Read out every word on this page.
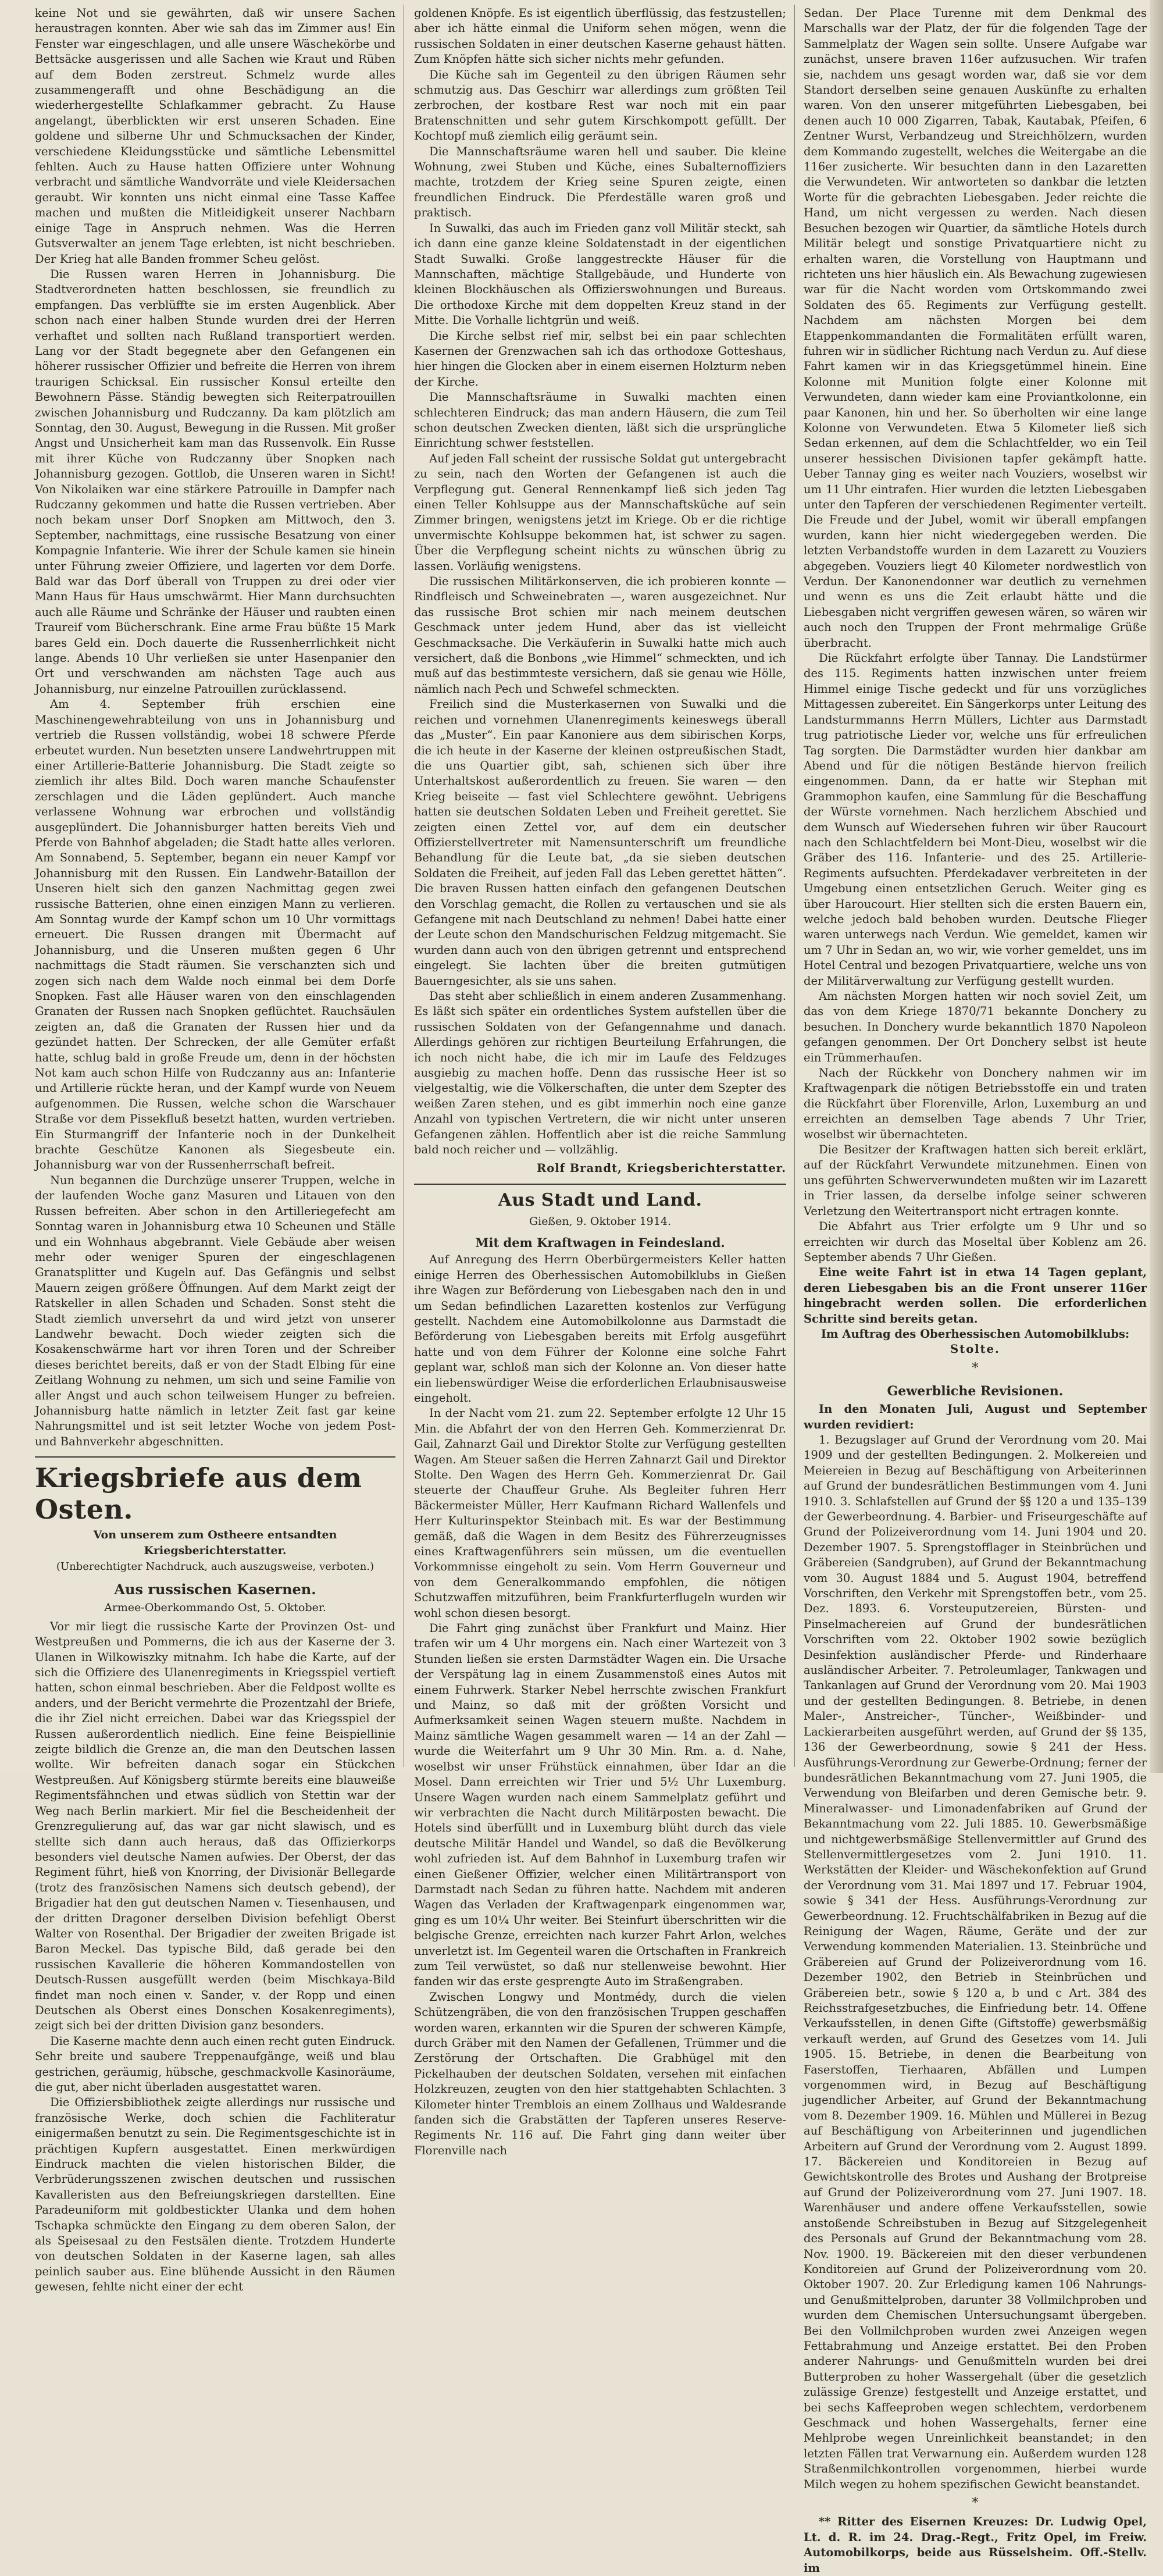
keine Not und sie gewährten, daß wir unsere Sachen heraustragen konnten. Aber wie sah das im Zimmer aus! Ein Fenster war eingeschlagen, und alle unsere Wäschekörbe und Bettsäcke ausgerissen und alle Sachen wie Kraut und Rüben auf dem Boden zerstreut. Schmelz wurde alles zusammengerafft und ohne Beschädigung an die wiederhergestellte Schlafkammer gebracht. Zu Hause angelangt, überblickten wir erst unseren Schaden. Eine goldene und silberne Uhr und Schmucksachen der Kinder, verschiedene Kleidungsstücke und sämtliche Lebensmittel fehlten. Auch zu Hause hatten Offiziere unter Wohnung verbracht und sämtliche Wandvorräte und viele Kleidersachen geraubt. Wir konnten uns nicht einmal eine Tasse Kaffee machen und mußten die Mitleidigkeit unserer Nachbarn einige Tage in Anspruch nehmen. Was die Herren Gutsverwalter an jenem Tage erlebten, ist nicht beschrieben. Der Krieg hat alle Banden frommer Scheu gelöst.

Die Russen waren Herren in Johannisburg. Die Stadtverordneten hatten beschlossen, sie freundlich zu empfangen. Das verblüffte sie im ersten Augenblick. Aber schon nach einer halben Stunde wurden drei der Herren verhaftet und sollten nach Rußland transportiert werden. Lang vor der Stadt begegnete aber den Gefangenen ein höherer russischer Offizier und befreite die Herren von ihrem traurigen Schicksal. Ein russischer Konsul erteilte den Bewohnern Pässe. Ständig bewegten sich Reiterpatrouillen zwischen Johannisburg und Rudczanny. Da kam plötzlich am Sonntag, den 30. August, Bewegung in die Russen. Mit großer Angst und Unsicherheit kam man das Russenvolk. Ein Russe mit ihrer Küche von Rudczanny über Snopken nach Johannisburg gezogen. Gottlob, die Unseren waren in Sicht! Von Nikolaiken war eine stärkere Patrouille in Dampfer nach Rudczanny gekommen und hatte die Russen vertrieben. Aber noch bekam unser Dorf Snopken am Mittwoch, den 3. September, nachmittags, eine russische Besatzung von einer Kompagnie Infanterie. Wie ihrer der Schule kamen sie hinein unter Führung zweier Offiziere, und lagerten vor dem Dorfe. Bald war das Dorf überall von Truppen zu drei oder vier Mann Haus für Haus umschwärmt. Hier Mann durchsuchten auch alle Räume und Schränke der Häuser und raubten einen Traureif vom Bücherschrank. Eine arme Frau büßte 15 Mark bares Geld ein. Doch dauerte die Russenherrlichkeit nicht lange. Abends 10 Uhr verließen sie unter Hasenpanier den Ort und verschwanden am nächsten Tage auch aus Johannisburg, nur einzelne Patrouillen zurücklassend.

Am 4. September früh erschien eine Maschinengewehrabteilung von uns in Johannisburg und vertrieb die Russen vollständig, wobei 18 schwere Pferde erbeutet wurden. Nun besetzten unsere Landwehrtruppen mit einer Artillerie-Batterie Johannisburg. Die Stadt zeigte so ziemlich ihr altes Bild. Doch waren manche Schaufenster zerschlagen und die Läden geplündert. Auch manche verlassene Wohnung war erbrochen und vollständig ausgeplündert. Die Johannisburger hatten bereits Vieh und Pferde von Bahnhof abgeladen; die Stadt hatte alles verloren. Am Sonnabend, 5. September, begann ein neuer Kampf vor Johannisburg mit den Russen. Ein Landwehr-Bataillon der Unseren hielt sich den ganzen Nachmittag gegen zwei russische Batterien, ohne einen einzigen Mann zu verlieren. Am Sonntag wurde der Kampf schon um 10 Uhr vormittags erneuert. Die Russen drangen mit Übermacht auf Johannisburg, und die Unseren mußten gegen 6 Uhr nachmittags die Stadt räumen. Sie verschanzten sich und zogen sich nach dem Walde noch einmal bei dem Dorfe Snopken. Fast alle Häuser waren von den einschlagenden Granaten der Russen nach Snopken geflüchtet. Rauchsäulen zeigten an, daß die Granaten der Russen hier und da gezündet hatten. Der Schrecken, der alle Gemüter erfaßt hatte, schlug bald in große Freude um, denn in der höchsten Not kam auch schon Hilfe von Rudczanny aus an: Infanterie und Artillerie rückte heran, und der Kampf wurde von Neuem aufgenommen. Die Russen, welche schon die Warschauer Straße vor dem Pissekfluß besetzt hatten, wurden vertrieben. Ein Sturmangriff der Infanterie noch in der Dunkelheit brachte Geschütze Kanonen als Siegesbeute ein. Johannisburg war von der Russenherrschaft befreit.

Nun begannen die Durchzüge unserer Truppen, welche in der laufenden Woche ganz Masuren und Litauen von den Russen befreiten. Aber schon in den Artilleriegefecht am Sonntag waren in Johannisburg etwa 10 Scheunen und Ställe und ein Wohnhaus abgebrannt. Viele Gebäude aber weisen mehr oder weniger Spuren der eingeschlagenen Granatsplitter und Kugeln auf. Das Gefängnis und selbst Mauern zeigen größere Öffnungen. Auf dem Markt zeigt der Ratskeller in allen Schaden und Schaden. Sonst steht die Stadt ziemlich unversehrt da und wird jetzt von unserer Landwehr bewacht. Doch wieder zeigten sich die Kosakenschwärme hart vor ihren Toren und der Schreiber dieses berichtet bereits, daß er von der Stadt Elbing für eine Zeitlang Wohnung zu nehmen, um sich und seine Familie von aller Angst und auch schon teilweisem Hunger zu befreien. Johannisburg hatte nämlich in letzter Zeit fast gar keine Nahrungsmittel und ist seit letzter Woche von jedem Post- und Bahnverkehr abgeschnitten.

Kriegsbriefe aus dem Osten.
Von unserem zum Ostheere entsandten Kriegsberichterstatter.
(Unberechtigter Nachdruck, auch auszugsweise, verboten.)
Aus russischen Kasernen.
Armee-Oberkommando Ost, 5. Oktober.

Vor mir liegt die russische Karte der Provinzen Ost- und Westpreußen und Pommerns, die ich aus der Kaserne der 3. Ulanen in Wilkowiszky mitnahm. Ich habe die Karte, auf der sich die Offiziere des Ulanenregiments in Kriegsspiel vertieft hatten, schon einmal beschrieben. Aber die Feldpost wollte es anders, und der Bericht vermehrte die Prozentzahl der Briefe, die ihr Ziel nicht erreichen. Dabei war das Kriegsspiel der Russen außerordentlich niedlich. Eine feine Beispiellinie zeigte bildlich die Grenze an, die man den Deutschen lassen wollte. Wir befreiten danach sogar ein Stückchen Westpreußen. Auf Königsberg stürmte bereits eine blauweiße Regimentsfähnchen und etwas südlich von Stettin war der Weg nach Berlin markiert. Mir fiel die Bescheidenheit der Grenzregulierung auf, das war gar nicht slawisch, und es stellte sich dann auch heraus, daß das Offizierkorps besonders viel deutsche Namen aufwies. Der Oberst, der das Regiment führt, hieß von Knorring, der Divisionär Bellegarde (trotz des französischen Namens sich deutsch gebend), der Brigadier hat den gut deutschen Namen v. Tiesenhausen, und der dritten Dragoner derselben Division befehligt Oberst Walter von Rosenthal. Der Brigadier der zweiten Brigade ist Baron Meckel. Das typische Bild, daß gerade bei den russischen Kavallerie die höheren Kommandostellen von Deutsch-Russen ausgefüllt werden (beim Mischkaya-Bild findet man noch einen v. Sander, v. der Ropp und einen Deutschen als Oberst eines Donschen Kosakenregiments), zeigt sich bei der dritten Division ganz besonders.

Die Kaserne machte denn auch einen recht guten Eindruck. Sehr breite und saubere Treppenaufgänge, weiß und blau gestrichen, geräumig, hübsche, geschmackvolle Kasinoräume, die gut, aber nicht überladen ausgestattet waren.

Die Offiziersbibliothek zeigte allerdings nur russische und französische Werke, doch schien die Fachliteratur einigermaßen benutzt zu sein. Die Regimentsgeschichte ist in prächtigen Kupfern ausgestattet. Einen merkwürdigen Eindruck machten die vielen historischen Bilder, die Verbrüderungsszenen zwischen deutschen und russischen Kavalleristen aus den Befreiungskriegen darstellten. Eine Paradeuniform mit goldbestickter Ulanka und dem hohen Tschapka schmückte den Eingang zu dem oberen Salon, der als Speisesaal zu den Festsälen diente. Trotzdem Hunderte von deutschen Soldaten in der Kaserne lagen, sah alles peinlich sauber aus. Eine blühende Aussicht in den Räumen gewesen, fehlte nicht einer der echt

goldenen Knöpfe. Es ist eigentlich überflüssig, das festzustellen; aber ich hätte einmal die Uniform sehen mögen, wenn die russischen Soldaten in einer deutschen Kaserne gehaust hätten. Zum Knöpfen hätte sich sicher nichts mehr gefunden.

Die Küche sah im Gegenteil zu den übrigen Räumen sehr schmutzig aus. Das Geschirr war allerdings zum größten Teil zerbrochen, der kostbare Rest war noch mit ein paar Bratenschnitten und sehr gutem Kirschkompott gefüllt. Der Kochtopf muß ziemlich eilig geräumt sein.

Die Mannschaftsräume waren hell und sauber. Die kleine Wohnung, zwei Stuben und Küche, eines Subalternoffiziers machte, trotzdem der Krieg seine Spuren zeigte, einen freundlichen Eindruck. Die Pferdeställe waren groß und praktisch.

In Suwalki, das auch im Frieden ganz voll Militär steckt, sah ich dann eine ganze kleine Soldatenstadt in der eigentlichen Stadt Suwalki. Große langgestreckte Häuser für die Mannschaften, mächtige Stallgebäude, und Hunderte von kleinen Blockhäuschen als Offizierswohnungen und Bureaus. Die orthodoxe Kirche mit dem doppelten Kreuz stand in der Mitte. Die Vorhalle lichtgrün und weiß.

Die Kirche selbst rief mir, selbst bei ein paar schlechten Kasernen der Grenzwachen sah ich das orthodoxe Gotteshaus, hier hingen die Glocken aber in einem eisernen Holzturm neben der Kirche.

Die Mannschaftsräume in Suwalki machten einen schlechteren Eindruck; das man andern Häusern, die zum Teil schon deutschen Zwecken dienten, läßt sich die ursprüngliche Einrichtung schwer feststellen.

Auf jeden Fall scheint der russische Soldat gut untergebracht zu sein, nach den Worten der Gefangenen ist auch die Verpflegung gut. General Rennenkampf ließ sich jeden Tag einen Teller Kohlsuppe aus der Mannschaftsküche auf sein Zimmer bringen, wenigstens jetzt im Kriege. Ob er die richtige unvermischte Kohlsuppe bekommen hat, ist schwer zu sagen. Über die Verpflegung scheint nichts zu wünschen übrig zu lassen. Vorläufig wenigstens.

Die russischen Militärkonserven, die ich probieren konnte — Rindfleisch und Schweinebraten —, waren ausgezeichnet. Nur das russische Brot schien mir nach meinem deutschen Geschmack unter jedem Hund, aber das ist vielleicht Geschmacksache. Die Verkäuferin in Suwalki hatte mich auch versichert, daß die Bonbons „wie Himmel“ schmeckten, und ich muß auf das bestimmteste versichern, daß sie genau wie Hölle, nämlich nach Pech und Schwefel schmeckten.

Freilich sind die Musterkasernen von Suwalki und die reichen und vornehmen Ulanenregiments keineswegs überall das „Muster“. Ein paar Kanoniere aus dem sibirischen Korps, die ich heute in der Kaserne der kleinen ostpreußischen Stadt, die uns Quartier gibt, sah, schienen sich über ihre Unterhaltskost außerordentlich zu freuen. Sie waren — den Krieg beiseite — fast viel Schlechtere gewöhnt. Uebrigens hatten sie deutschen Soldaten Leben und Freiheit gerettet. Sie zeigten einen Zettel vor, auf dem ein deutscher Offizierstellvertreter mit Namensunterschrift um freundliche Behandlung für die Leute bat, „da sie sieben deutschen Soldaten die Freiheit, auf jeden Fall das Leben gerettet hätten“. Die braven Russen hatten einfach den gefangenen Deutschen den Vorschlag gemacht, die Rollen zu vertauschen und sie als Gefangene mit nach Deutschland zu nehmen! Dabei hatte einer der Leute schon den Mandschurischen Feldzug mitgemacht. Sie wurden dann auch von den übrigen getrennt und entsprechend eingelegt. Sie lachten über die breiten gutmütigen Bauerngesichter, als sie uns sahen.

Das steht aber schließlich in einem anderen Zusammenhang. Es läßt sich später ein ordentliches System aufstellen über die russischen Soldaten von der Gefangennahme und danach. Allerdings gehören zur richtigen Beurteilung Erfahrungen, die ich noch nicht habe, die ich mir im Laufe des Feldzuges ausgiebig zu machen hoffe. Denn das russische Heer ist so vielgestaltig, wie die Völkerschaften, die unter dem Szepter des weißen Zaren stehen, und es gibt immerhin noch eine ganze Anzahl von typischen Vertretern, die wir nicht unter unseren Gefangenen zählen. Hoffentlich aber ist die reiche Sammlung bald noch reicher und — vollzählig.

Rolf Brandt, Kriegsberichterstatter.
Aus Stadt und Land.
Gießen, 9. Oktober 1914.
Mit dem Kraftwagen in Feindesland.

Auf Anregung des Herrn Oberbürgermeisters Keller hatten einige Herren des Oberhessischen Automobilklubs in Gießen ihre Wagen zur Beförderung von Liebesgaben nach den in und um Sedan befindlichen Lazaretten kostenlos zur Verfügung gestellt. Nachdem eine Automobilkolonne aus Darmstadt die Beförderung von Liebesgaben bereits mit Erfolg ausgeführt hatte und von dem Führer der Kolonne eine solche Fahrt geplant war, schloß man sich der Kolonne an. Von dieser hatte ein liebenswürdiger Weise die erforderlichen Erlaubnisausweise eingeholt.

In der Nacht vom 21. zum 22. September erfolgte 12 Uhr 15 Min. die Abfahrt der von den Herren Geh. Kommerzienrat Dr. Gail, Zahnarzt Gail und Direktor Stolte zur Verfügung gestellten Wagen. Am Steuer saßen die Herren Zahnarzt Gail und Direktor Stolte. Den Wagen des Herrn Geh. Kommerzienrat Dr. Gail steuerte der Chauffeur Gruhe. Als Begleiter fuhren Herr Bäckermeister Müller, Herr Kaufmann Richard Wallenfels und Herr Kulturinspektor Steinbach mit. Es war der Bestimmung gemäß, daß die Wagen in dem Besitz des Führerzeugnisses eines Kraftwagenführers sein müssen, um die eventuellen Vorkommnisse eingeholt zu sein. Vom Herrn Gouverneur und von dem Generalkommando empfohlen, die nötigen Schutzwaffen mitzuführen, beim Frankfurterflugeln wurden wir wohl schon diesen besorgt.

Die Fahrt ging zunächst über Frankfurt und Mainz. Hier trafen wir um 4 Uhr morgens ein. Nach einer Wartezeit von 3 Stunden ließen sie ersten Darmstädter Wagen ein. Die Ursache der Verspätung lag in einem Zusammenstoß eines Autos mit einem Fuhrwerk. Starker Nebel herrschte zwischen Frankfurt und Mainz, so daß mit der größten Vorsicht und Aufmerksamkeit seinen Wagen steuern mußte. Nachdem in Mainz sämtliche Wagen gesammelt waren — 14 an der Zahl — wurde die Weiterfahrt um 9 Uhr 30 Min. Rm. a. d. Nahe, woselbst wir unser Frühstück einnahmen, über Idar an die Mosel. Dann erreichten wir Trier und 5½ Uhr Luxemburg. Unsere Wagen wurden nach einem Sammelplatz geführt und wir verbrachten die Nacht durch Militärposten bewacht. Die Hotels sind überfüllt und in Luxemburg blüht durch das viele deutsche Militär Handel und Wandel, so daß die Bevölkerung wohl zufrieden ist. Auf dem Bahnhof in Luxemburg trafen wir einen Gießener Offizier, welcher einen Militärtransport von Darmstadt nach Sedan zu führen hatte. Nachdem mit anderen Wagen das Verladen der Kraftwagenpark eingenommen war, ging es um 10¼ Uhr weiter. Bei Steinfurt überschritten wir die belgische Grenze, erreichten nach kurzer Fahrt Arlon, welches unverletzt ist. Im Gegenteil waren die Ortschaften in Frankreich zum Teil verwüstet, so daß nur stellenweise bewohnt. Hier fanden wir das erste gesprengte Auto im Straßengraben.

Zwischen Longwy und Montmédy, durch die vielen Schützengräben, die von den französischen Truppen geschaffen worden waren, erkannten wir die Spuren der schweren Kämpfe, durch Gräber mit den Namen der Gefallenen, Trümmer und die Zerstörung der Ortschaften. Die Grabhügel mit den Pickelhauben der deutschen Soldaten, versehen mit einfachen Holzkreuzen, zeugten von den hier stattgehabten Schlachten. 3 Kilometer hinter Tremblois an einem Zollhaus und Waldesrande fanden sich die Grabstätten der Tapferen unseres Reserve-Regiments Nr. 116 auf. Die Fahrt ging dann weiter über Florenville nach

Sedan. Der Place Turenne mit dem Denkmal des Marschalls war der Platz, der für die folgenden Tage der Sammelplatz der Wagen sein sollte. Unsere Aufgabe war zunächst, unsere braven 116er aufzusuchen. Wir trafen sie, nachdem uns gesagt worden war, daß sie vor dem Standort derselben seine genauen Auskünfte zu erhalten waren. Von den unserer mitgeführten Liebesgaben, bei denen auch 10 000 Zigarren, Tabak, Kautabak, Pfeifen, 6 Zentner Wurst, Verbandzeug und Streichhölzern, wurden dem Kommando zugestellt, welches die Weitergabe an die 116er zusicherte. Wir besuchten dann in den Lazaretten die Verwundeten. Wir antworteten so dankbar die letzten Worte für die gebrachten Liebesgaben. Jeder reichte die Hand, um nicht vergessen zu werden. Nach diesen Besuchen bezogen wir Quartier, da sämtliche Hotels durch Militär belegt und sonstige Privatquartiere nicht zu erhalten waren, die Vorstellung von Hauptmann und richteten uns hier häuslich ein. Als Bewachung zugewiesen war für die Nacht worden vom Ortskommando zwei Soldaten des 65. Regiments zur Verfügung gestellt. Nachdem am nächsten Morgen bei dem Etappenkommandanten die Formalitäten erfüllt waren, fuhren wir in südlicher Richtung nach Verdun zu. Auf diese Fahrt kamen wir in das Kriegsgetümmel hinein. Eine Kolonne mit Munition folgte einer Kolonne mit Verwundeten, dann wieder kam eine Proviantkolonne, ein paar Kanonen, hin und her. So überholten wir eine lange Kolonne von Verwundeten. Etwa 5 Kilometer ließ sich Sedan erkennen, auf dem die Schlachtfelder, wo ein Teil unserer hessischen Divisionen tapfer gekämpft hatte. Ueber Tannay ging es weiter nach Vouziers, woselbst wir um 11 Uhr eintrafen. Hier wurden die letzten Liebesgaben unter den Tapferen der verschiedenen Regimenter verteilt. Die Freude und der Jubel, womit wir überall empfangen wurden, kann hier nicht wiedergegeben werden. Die letzten Verbandstoffe wurden in dem Lazarett zu Vouziers abgegeben. Vouziers liegt 40 Kilometer nordwestlich von Verdun. Der Kanonendonner war deutlich zu vernehmen und wenn es uns die Zeit erlaubt hätte und die Liebesgaben nicht vergriffen gewesen wären, so wären wir auch noch den Truppen der Front mehrmalige Grüße überbracht.

Die Rückfahrt erfolgte über Tannay. Die Landstürmer des 115. Regiments hatten inzwischen unter freiem Himmel einige Tische gedeckt und für uns vorzügliches Mittagessen zubereitet. Ein Sängerkorps unter Leitung des Landsturmmanns Herrn Müllers, Lichter aus Darmstadt trug patriotische Lieder vor, welche uns für erfreulichen Tag sorgten. Die Darmstädter wurden hier dankbar am Abend und für die nötigen Bestände hiervon freilich eingenommen. Dann, da er hatte wir Stephan mit Grammophon kaufen, eine Sammlung für die Beschaffung der Würste vornehmen. Nach herzlichem Abschied und dem Wunsch auf Wiedersehen fuhren wir über Raucourt nach den Schlachtfeldern bei Mont-Dieu, woselbst wir die Gräber des 116. Infanterie- und des 25. Artillerie-Regiments aufsuchten. Pferdekadaver verbreiteten in der Umgebung einen entsetzlichen Geruch. Weiter ging es über Haroucourt. Hier stellten sich die ersten Bauern ein, welche jedoch bald behoben wurden. Deutsche Flieger waren unterwegs nach Verdun. Wie gemeldet, kamen wir um 7 Uhr in Sedan an, wo wir, wie vorher gemeldet, uns im Hotel Central und bezogen Privatquartiere, welche uns von der Militärverwaltung zur Verfügung gestellt wurden.

Am nächsten Morgen hatten wir noch soviel Zeit, um das von dem Kriege 1870/71 bekannte Donchery zu besuchen. In Donchery wurde bekanntlich 1870 Napoleon gefangen genommen. Der Ort Donchery selbst ist heute ein Trümmerhaufen.

Nach der Rückkehr von Donchery nahmen wir im Kraftwagenpark die nötigen Betriebsstoffe ein und traten die Rückfahrt über Florenville, Arlon, Luxemburg an und erreichten an demselben Tage abends 7 Uhr Trier, woselbst wir übernachteten.

Die Besitzer der Kraftwagen hatten sich bereit erklärt, auf der Rückfahrt Verwundete mitzunehmen. Einen von uns geführten Schwerverwundeten mußten wir im Lazarett in Trier lassen, da derselbe infolge seiner schweren Verletzung den Weitertransport nicht ertragen konnte.

Die Abfahrt aus Trier erfolgte um 9 Uhr und so erreichten wir durch das Moseltal über Koblenz am 26. September abends 7 Uhr Gießen.

Eine weite Fahrt ist in etwa 14 Tagen geplant, deren Liebesgaben bis an die Front unserer 116er hingebracht werden sollen. Die erforderlichen Schritte sind bereits getan.

Im Auftrag des Oberhessischen Automobilklubs:
Stolte.
*
Gewerbliche Revisionen.

In den Monaten Juli, August und September wurden revidiert:

1. Bezugslager auf Grund der Verordnung vom 20. Mai 1909 und der gestellten Bedingungen. 2. Molkereien und Meiereien in Bezug auf Beschäftigung von Arbeiterinnen auf Grund der bundesrätlichen Bestimmungen vom 4. Juni 1910. 3. Schlafstellen auf Grund der §§ 120 a und 135–139 der Gewerbeordnung. 4. Barbier- und Friseurgeschäfte auf Grund der Polizeiverordnung vom 14. Juni 1904 und 20. Dezember 1907. 5. Sprengstofflager in Steinbrüchen und Gräbereien (Sandgruben), auf Grund der Bekanntmachung vom 30. August 1884 und 5. August 1904, betreffend Vorschriften, den Verkehr mit Sprengstoffen betr., vom 25. Dez. 1893. 6. Vorsteuputzereien, Bürsten- und Pinselmachereien auf Grund der bundesrätlichen Vorschriften vom 22. Oktober 1902 sowie bezüglich Desinfektion ausländischer Pferde- und Rinderhaare ausländischer Arbeiter. 7. Petroleumlager, Tankwagen und Tankanlagen auf Grund der Verordnung vom 20. Mai 1903 und der gestellten Bedingungen. 8. Betriebe, in denen Maler-, Anstreicher-, Tüncher-, Weißbinder- und Lackierarbeiten ausgeführt werden, auf Grund der §§ 135, 136 der Gewerbeordnung, sowie § 241 der Hess. Ausführungs-Verordnung zur Gewerbe-Ordnung; ferner der bundesrätlichen Bekanntmachung vom 27. Juni 1905, die Verwendung von Bleifarben und deren Gemische betr. 9. Mineralwasser- und Limonadenfabriken auf Grund der Bekanntmachung vom 22. Juli 1885. 10. Gewerbsmäßige und nichtgewerbsmäßige Stellenvermittler auf Grund des Stellenvermittlergesetzes vom 2. Juni 1910. 11. Werkstätten der Kleider- und Wäschekonfektion auf Grund der Verordnung vom 31. Mai 1897 und 17. Februar 1904, sowie § 341 der Hess. Ausführungs-Verordnung zur Gewerbeordnung. 12. Fruchtschälfabriken in Bezug auf die Reinigung der Wagen, Räume, Geräte und der zur Verwendung kommenden Materialien. 13. Steinbrüche und Gräbereien auf Grund der Polizeiverordnung vom 16. Dezember 1902, den Betrieb in Steinbrüchen und Gräbereien betr., sowie § 120 a, b und c Art. 384 des Reichsstrafgesetzbuches, die Einfriedung betr. 14. Offene Verkaufsstellen, in denen Gifte (Giftstoffe) gewerbsmäßig verkauft werden, auf Grund des Gesetzes vom 14. Juli 1905. 15. Betriebe, in denen die Bearbeitung von Faserstoffen, Tierhaaren, Abfällen und Lumpen vorgenommen wird, in Bezug auf Beschäftigung jugendlicher Arbeiter, auf Grund der Bekanntmachung vom 8. Dezember 1909. 16. Mühlen und Müllerei in Bezug auf Beschäftigung von Arbeiterinnen und jugendlichen Arbeitern auf Grund der Verordnung vom 2. August 1899. 17. Bäckereien und Konditoreien in Bezug auf Gewichtskontrolle des Brotes und Aushang der Brotpreise auf Grund der Polizeiverordnung vom 27. Juni 1907. 18. Warenhäuser und andere offene Verkaufsstellen, sowie anstoßende Schreibstuben in Bezug auf Sitzgelegenheit des Personals auf Grund der Bekanntmachung vom 28. Nov. 1900. 19. Bäckereien mit den dieser verbundenen Konditoreien auf Grund der Polizeiverordnung vom 20. Oktober 1907. 20. Zur Erledigung kamen 106 Nahrungs- und Genußmittelproben, darunter 38 Vollmilchproben und wurden dem Chemischen Untersuchungsamt übergeben. Bei den Vollmilchproben wurden zwei Anzeigen wegen Fettabrahmung und Anzeige erstattet. Bei den Proben anderer Nahrungs- und Genußmitteln wurden bei drei Butterproben zu hoher Wassergehalt (über die gesetzlich zulässige Grenze) festgestellt und Anzeige erstattet, und bei sechs Kaffeeproben wegen schlechtem, verdorbenem Geschmack und hohen Wassergehalts, ferner eine Mehlprobe wegen Unreinlichkeit beanstandet; in den letzten Fällen trat Verwarnung ein. Außerdem wurden 128 Straßenmilchkontrollen vorgenommen, hierbei wurde Milch wegen zu hohem spezifischen Gewicht beanstandet.

*

** Ritter des Eisernen Kreuzes: Dr. Ludwig Opel, Lt. d. R. im 24. Drag.-Regt., Fritz Opel, im Freiw. Automobilkorps, beide aus Rüsselsheim. Off.-Stellv. im
